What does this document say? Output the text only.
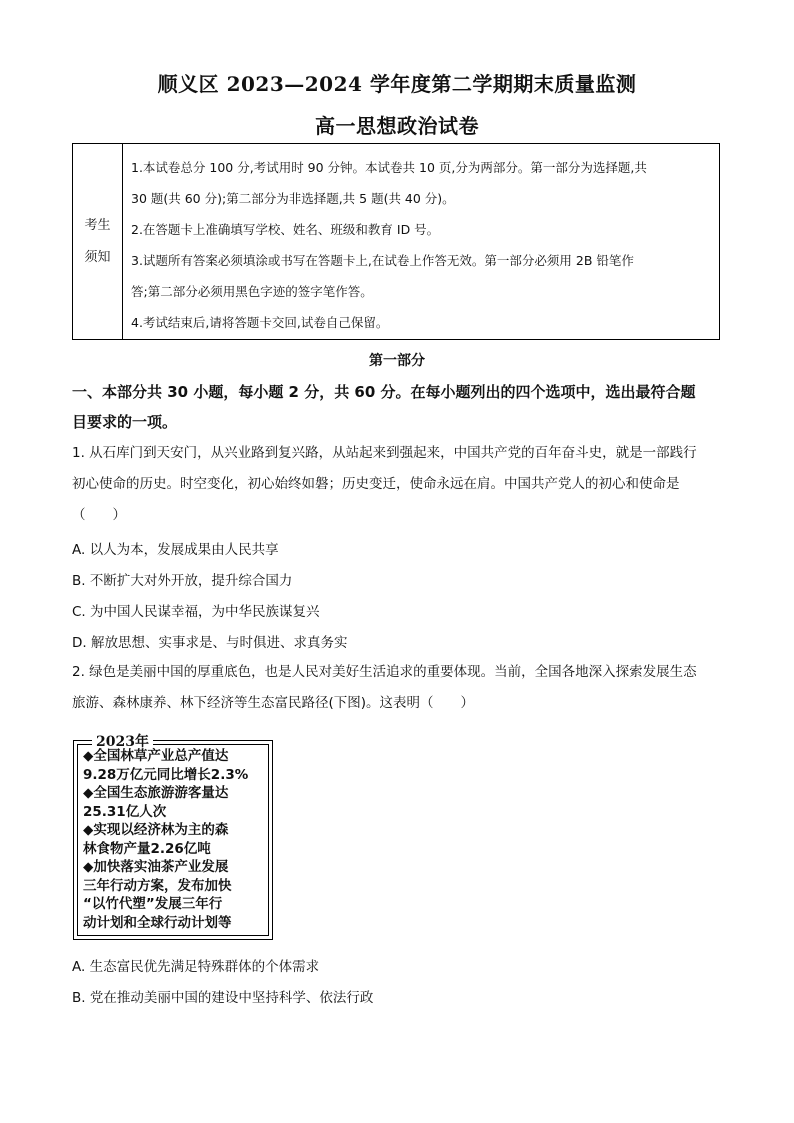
顺义区 2023—2024 学年度第二学期期末质量监测
高一思想政治试卷
考生
须知

1.本试卷总分 100 分,考试用时 90 分钟。本试卷共 10 页,分为两部分。第一部分为选择题,共

30 题(共 60 分);第二部分为非选择题,共 5 题(共 40 分)。

2.在答题卡上准确填写学校、姓名、班级和教育 ID 号。

3.试题所有答案必须填涂或书写在答题卡上,在试卷上作答无效。第一部分必须用 2B 铅笔作

答;第二部分必须用黑色字迹的签字笔作答。

4.考试结束后,请将答题卡交回,试卷自己保留。

第一部分
一、本部分共 30 小题，每小题 2 分，共 60 分。在每小题列出的四个选项中，选出最符合题
目要求的一项。
1. 从石库门到天安门，从兴业路到复兴路，从站起来到强起来，中国共产党的百年奋斗史，就是一部践行
初心使命的历史。时空变化，初心始终如磐；历史变迁，使命永远在肩。中国共产党人的初心和使命是
（　　）
A. 以人为本，发展成果由人民共享
B. 不断扩大对外开放，提升综合国力
C. 为中国人民谋幸福，为中华民族谋复兴
D. 解放思想、实事求是、与时俱进、求真务实
2. 绿色是美丽中国的厚重底色，也是人民对美好生活追求的重要体现。当前，全国各地深入探索发展生态
旅游、森林康养、林下经济等生态富民路径(下图)。这表明（　　）
2023年

◆全国林草产业总产值达

9.28万亿元同比增长2.3%

◆全国生态旅游游客量达

25.31亿人次

◆实现以经济林为主的森

林食物产量2.26亿吨

◆加快落实油茶产业发展

三年行动方案，发布加快

“以竹代塑”发展三年行

动计划和全球行动计划等

A. 生态富民优先满足特殊群体的个体需求
B. 党在推动美丽中国的建设中坚持科学、依法行政
